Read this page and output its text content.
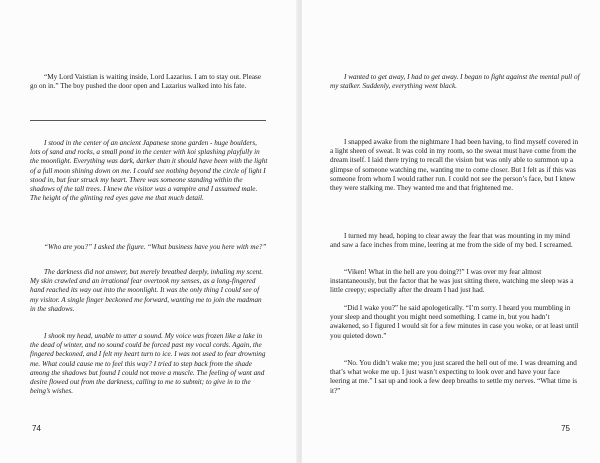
“My Lord Vaistian is waiting inside, Lord Lazarius. I am to stay out. Please go on in.” The boy pushed the door open and Lazarius walked into his fate.

I stood in the center of an ancient Japanese stone garden - huge boulders, lots of sand and rocks, a small pond in the center with koi splashing playfully in the moonlight. Everything was dark, darker than it should have been with the light of a full moon shining down on me. I could see nothing beyond the circle of light I stood in, but fear struck my heart. There was someone standing within the shadows of the tall trees. I knew the visitor was a vampire and I assumed male. The height of the glinting red eyes gave me that much detail.

“Who are you?” I asked the figure. “What business have you here with me?”

The darkness did not answer, but merely breathed deeply, inhaling my scent. My skin crawled and an irrational fear overtook my senses, as a long-fingered hand reached its way out into the moonlight. It was the only thing I could see of my visitor. A single finger beckoned me forward, wanting me to join the madman in the shadows.

I shook my head, unable to utter a sound. My voice was frozen like a lake in the dead of winter, and no sound could be forced past my vocal cords. Again, the fingered beckoned, and I felt my heart turn to ice. I was not used to fear drowning me. What could cause me to feel this way? I tried to step back from the shade among the shadows but found I could not move a muscle. The feeling of want and desire flowed out from the darkness, calling to me to submit; to give in to the being’s wishes.

74

I wanted to get away, I had to get away. I began to fight against the mental pull of my stalker. Suddenly, everything went black.

I snapped awake from the nightmare I had been having, to find myself covered in a light sheen of sweat. It was cold in my room, so the sweat must have come from the dream itself. I laid there trying to recall the vision but was only able to summon up a glimpse of someone watching me, wanting me to come closer. But I felt as if this was someone from whom I would rather run. I could not see the person’s face, but I knew they were stalking me. They wanted me and that frightened me.

I turned my head, hoping to clear away the fear that was mounting in my mind and saw a face inches from mine, leering at me from the side of my bed. I screamed.

“Viken! What in the hell are you doing?!” I was over my fear almost instantaneously, but the factor that he was just sitting there, watching me sleep was a little creepy; especially after the dream I had just had.

“Did I wake you?” he said apologetically. “I’m sorry. I heard you mumbling in your sleep and thought you might need something. I came in, but you hadn’t awakened, so I figured I would sit for a few minutes in case you woke, or at least until you quieted down.”

“No. You didn’t wake me; you just scared the hell out of me. I was dreaming and that’s what woke me up. I just wasn’t expecting to look over and have your face leering at me.” I sat up and took a few deep breaths to settle my nerves. “What time is it?”

75
